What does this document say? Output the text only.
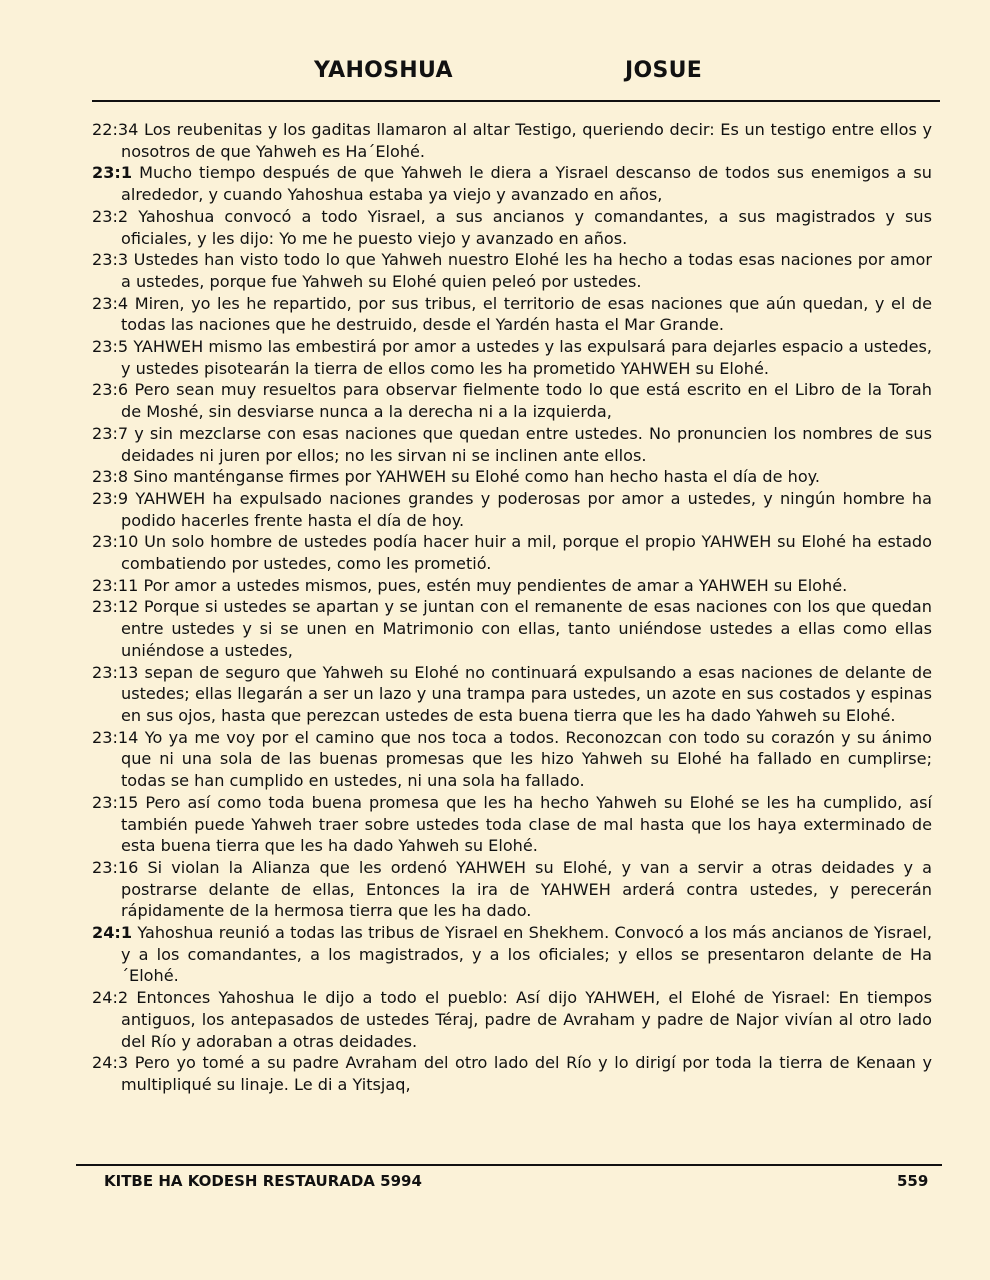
YAHOSHUA	JOSUE
22:34 Los reubenitas y los gaditas llamaron al altar Testigo, queriendo decir: Es un testigo entre ellos y nosotros de que Yahweh es Ha´Elohé.
23:1 Mucho tiempo después de que Yahweh le diera a Yisrael descanso de todos sus enemigos a su alrededor, y cuando Yahoshua estaba ya viejo y avanzado en años,
23:2 Yahoshua convocó a todo Yisrael, a sus ancianos y comandantes, a sus magistrados y sus oficiales, y les dijo: Yo me he puesto viejo y avanzado en años.
23:3 Ustedes han visto todo lo que Yahweh nuestro Elohé les ha hecho a todas esas naciones por amor a ustedes, porque fue Yahweh su Elohé quien peleó por ustedes.
23:4 Miren, yo les he repartido, por sus tribus, el territorio de esas naciones que aún quedan, y el de todas las naciones que he destruido, desde el Yardén hasta el Mar Grande.
23:5 YAHWEH mismo las embestirá por amor a ustedes y las expulsará para dejarles espacio a ustedes, y ustedes pisotearán la tierra de ellos como les ha prometido YAHWEH su Elohé.
23:6 Pero sean muy resueltos para observar fielmente todo lo que está escrito en el Libro de la Torah de Moshé, sin desviarse nunca a la derecha ni a la izquierda,
23:7 y sin mezclarse con esas naciones que quedan entre ustedes. No pronuncien los nombres de sus deidades ni juren por ellos; no les sirvan ni se inclinen ante ellos.
23:8 Sino manténganse firmes por YAHWEH su Elohé como han hecho hasta el día de hoy.
23:9 YAHWEH ha expulsado naciones grandes y poderosas por amor a ustedes, y ningún hombre ha podido hacerles frente hasta el día de hoy.
23:10 Un solo hombre de ustedes podía hacer huir a mil, porque el propio YAHWEH su Elohé ha estado combatiendo por ustedes, como les prometió.
23:11 Por amor a ustedes mismos, pues, estén muy pendientes de amar a YAHWEH su Elohé.
23:12 Porque si ustedes se apartan y se juntan con el remanente de esas naciones con los que quedan entre ustedes y si se unen en Matrimonio con ellas, tanto uniéndose ustedes a ellas como ellas uniéndose a ustedes,
23:13 sepan de seguro que Yahweh su Elohé no continuará expulsando a esas naciones de delante de ustedes; ellas llegarán a ser un lazo y una trampa para ustedes, un azote en sus costados y espinas en sus ojos, hasta que perezcan ustedes de esta buena tierra que les ha dado Yahweh su Elohé.
23:14 Yo ya me voy por el camino que nos toca a todos. Reconozcan con todo su corazón y su ánimo que ni una sola de las buenas promesas que les hizo Yahweh su Elohé ha fallado en cumplirse; todas se han cumplido en ustedes, ni una sola ha fallado.
23:15 Pero así como toda buena promesa que les ha hecho Yahweh su Elohé se les ha cumplido, así también puede Yahweh traer sobre ustedes toda clase de mal hasta que los haya exterminado de esta buena tierra que les ha dado Yahweh su Elohé.
23:16 Si violan la Alianza que les ordenó YAHWEH su Elohé, y van a servir a otras deidades y a postrarse delante de ellas, Entonces la ira de YAHWEH arderá contra ustedes, y perecerán rápidamente de la hermosa tierra que les ha dado.
24:1 Yahoshua reunió a todas las tribus de Yisrael en Shekhem. Convocó a los más ancianos de Yisrael, y a los comandantes, a los magistrados, y a los oficiales; y ellos se presentaron delante de Ha´Elohé.
24:2 Entonces Yahoshua le dijo a todo el pueblo: Así dijo YAHWEH, el Elohé de Yisrael: En tiempos antiguos, los antepasados de ustedes Téraj, padre de Avraham y padre de Najor vivían al otro lado del Río y adoraban a otras deidades.
24:3 Pero yo tomé a su padre Avraham del otro lado del Río y lo dirigí por toda la tierra de Kenaan y multipliqué su linaje. Le di a Yitsjaq,
KITBE HA KODESH RESTAURADA 5994	559
